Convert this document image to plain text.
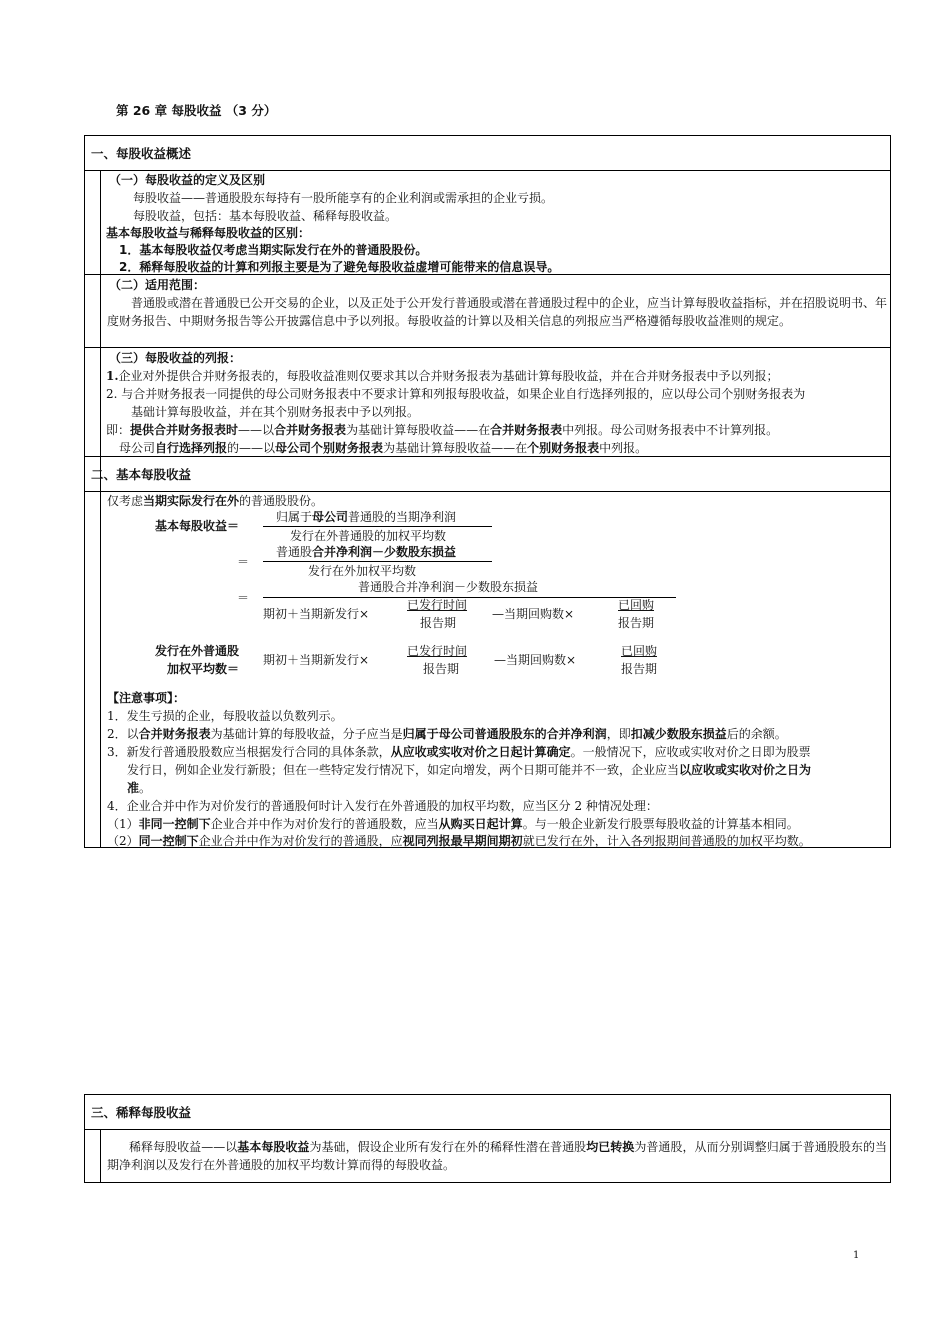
第 26 章 每股收益 （3 分）
一、每股收益概述
（一）每股收益的定义及区别
每股收益——普通股股东每持有一股所能享有的企业利润或需承担的企业亏损。
每股收益，包括：基本每股收益、稀释每股收益。
基本每股收益与稀释每股收益的区别：
1．基本每股收益仅考虑当期实际发行在外的普通股股份。
2．稀释每股收益的计算和列报主要是为了避免每股收益虚增可能带来的信息误导。
（二）适用范围：
普通股或潜在普通股已公开交易的企业，以及正处于公开发行普通股或潜在普通股过程中的企业，应当计算每股收益指标，并在招股说明书、年度财务报告、中期财务报告等公开披露信息中予以列报。每股收益的计算以及相关信息的列报应当严格遵循每股收益准则的规定。
（三）每股收益的列报：
1.企业对外提供合并财务报表的，每股收益准则仅要求其以合并财务报表为基础计算每股收益，并在合并财务报表中予以列报；
2. 与合并财务报表一同提供的母公司财务报表中不要求计算和列报每股收益，如果企业自行选择列报的，应以母公司个别财务报表为
基础计算每股收益，并在其个别财务报表中予以列报。
即：提供合并财务报表时——以合并财务报表为基础计算每股收益——在合并财务报表中列报。母公司财务报表中不计算列报。
母公司自行选择列报的——以母公司个别财务报表为基础计算每股收益——在个别财务报表中列报。
二、基本每股收益
仅考虑当期实际发行在外的普通股股份。
基本每股收益＝
归属于母公司普通股的当期净利润
发行在外普通股的加权平均数
＝
普通股合并净利润－少数股东损益
发行在外加权平均数
＝
普通股合并净利润－少数股东损益
期初＋当期新发行×
已发行时间
报告期
—当期回购数×
已回购
报告期
发行在外普通股
加权平均数＝
期初＋当期新发行×
已发行时间
报告期
—当期回购数×
已回购
报告期
【注意事项】：
1．发生亏损的企业，每股收益以负数列示。
2．以合并财务报表为基础计算的每股收益，分子应当是归属于母公司普通股股东的合并净利润，即扣减少数股东损益后的余额。
3．新发行普通股股数应当根据发行合同的具体条款，从应收或实收对价之日起计算确定。一般情况下，应收或实收对价之日即为股票
发行日，例如企业发行新股；但在一些特定发行情况下，如定向增发，两个日期可能并不一致，企业应当以应收或实收对价之日为
准。
4．企业合并中作为对价发行的普通股何时计入发行在外普通股的加权平均数，应当区分 2 种情况处理：
（1）非同一控制下企业合并中作为对价发行的普通股数，应当从购买日起计算。与一般企业新发行股票每股收益的计算基本相同。
（2）同一控制下企业合并中作为对价发行的普通股，应视同列报最早期间期初就已发行在外，计入各列报期间普通股的加权平均数。
三、稀释每股收益
稀释每股收益——以基本每股收益为基础，假设企业所有发行在外的稀释性潜在普通股均已转换为普通股，从而分别调整归属于普通股股东的当期净利润以及发行在外普通股的加权平均数计算而得的每股收益。
1
